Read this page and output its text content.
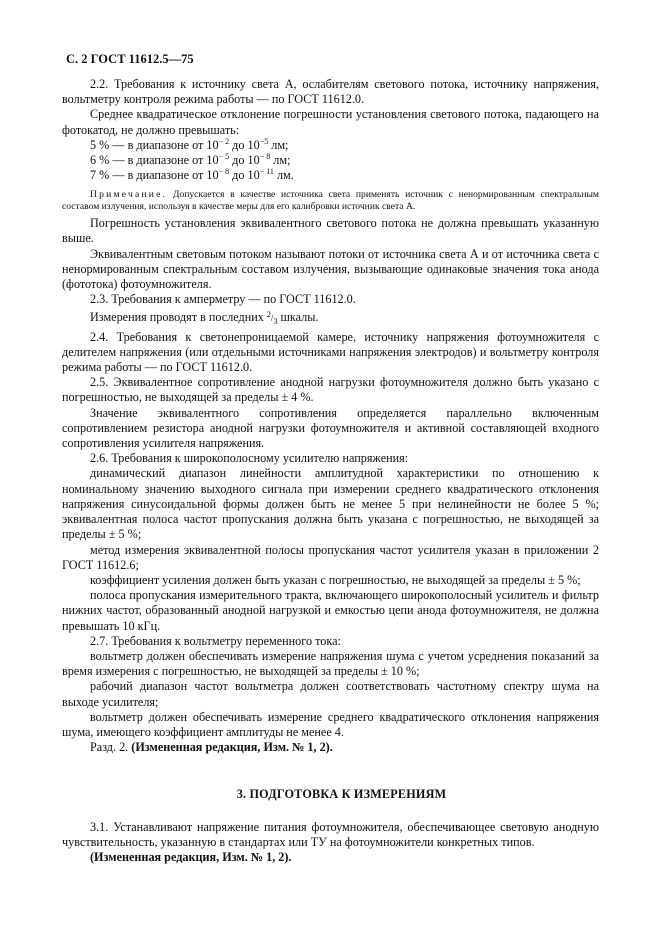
С. 2 ГОСТ 11612.5—75

2.2. Требования к источнику света А, ослабителям светового потока, источнику напряжения, вольтметру контроля режима работы — по ГОСТ 11612.0.

Среднее квадратическое отклонение погрешности установления светового потока, падающего на фотокатод, не должно превышать:

5 % — в диапазоне от $10^{- 2}$ до $10^{-5}$ лм;

6 % — в диапазоне от $10^{- 5}$ до $10^{- 8}$ лм;

7 % — в диапазоне от $10^{- 8}$ до $10^{- 11}$ лм.

Примечание. Допускается в качестве источника света применять источник с ненормированным спектральным составом излучения, используя в качестве меры для его калибровки источник света А.

Погрешность установления эквивалентного светового потока не должна превышать указанную выше.

Эквивалентным световым потоком называют потоки от источника света А и от источника света с ненормированным спектральным составом излучения, вызывающие одинаковые значения тока анода (фототока) фотоумножителя.

2.3. Требования к амперметру — по ГОСТ 11612.0.

Измерения проводят в последних 2/3 шкалы.

2.4. Требования к светонепроницаемой камере, источнику напряжения фотоумножителя с делителем напряжения (или отдельными источниками напряжения электродов) и вольтметру контроля режима работы — по ГОСТ 11612.0.

2.5. Эквивалентное сопротивление анодной нагрузки фотоумножителя должно быть указано с погрешностью, не выходящей за пределы ± 4 %.

Значение эквивалентного сопротивления определяется параллельно включенным сопротивлением резистора анодной нагрузки фотоумножителя и активной составляющей входного сопротивления усилителя напряжения.

2.6. Требования к широкополосному усилителю напряжения:

динамический диапазон линейности амплитудной характеристики по отношению к номинальному значению выходного сигнала при измерении среднего квадратического отклонения напряжения синусоидальной формы должен быть не менее 5 при нелинейности не более 5 %; эквивалентная полоса частот пропускания должна быть указана с погрешностью, не выходящей за пределы ± 5 %;

метод измерения эквивалентной полосы пропускания частот усилителя указан в приложении 2 ГОСТ 11612.6;

коэффициент усиления должен быть указан с погрешностью, не выходящей за пределы ± 5 %;

полоса пропускания измерительного тракта, включающего широкополосный усилитель и фильтр нижних частот, образованный анодной нагрузкой и емкостью цепи анода фотоумножителя, не должна превышать 10 кГц.

2.7. Требования к вольтметру переменного тока:

вольтметр должен обеспечивать измерение напряжения шума с учетом усреднения показаний за время измерения с погрешностью, не выходящей за пределы ± 10 %;

рабочий диапазон частот вольтметра должен соответствовать частотному спектру шума на выходе усилителя;

вольтметр должен обеспечивать измерение среднего квадратического отклонения напряжения шума, имеющего коэффициент амплитуды не менее 4.

Разд. 2. (Измененная редакция, Изм. № 1, 2).

3. ПОДГОТОВКА К ИЗМЕРЕНИЯМ

3.1. Устанавливают напряжение питания фотоумножителя, обеспечивающее световую анодную чувствительность, указанную в стандартах или ТУ на фотоумножители конкретных типов.

(Измененная редакция, Изм. № 1, 2).
